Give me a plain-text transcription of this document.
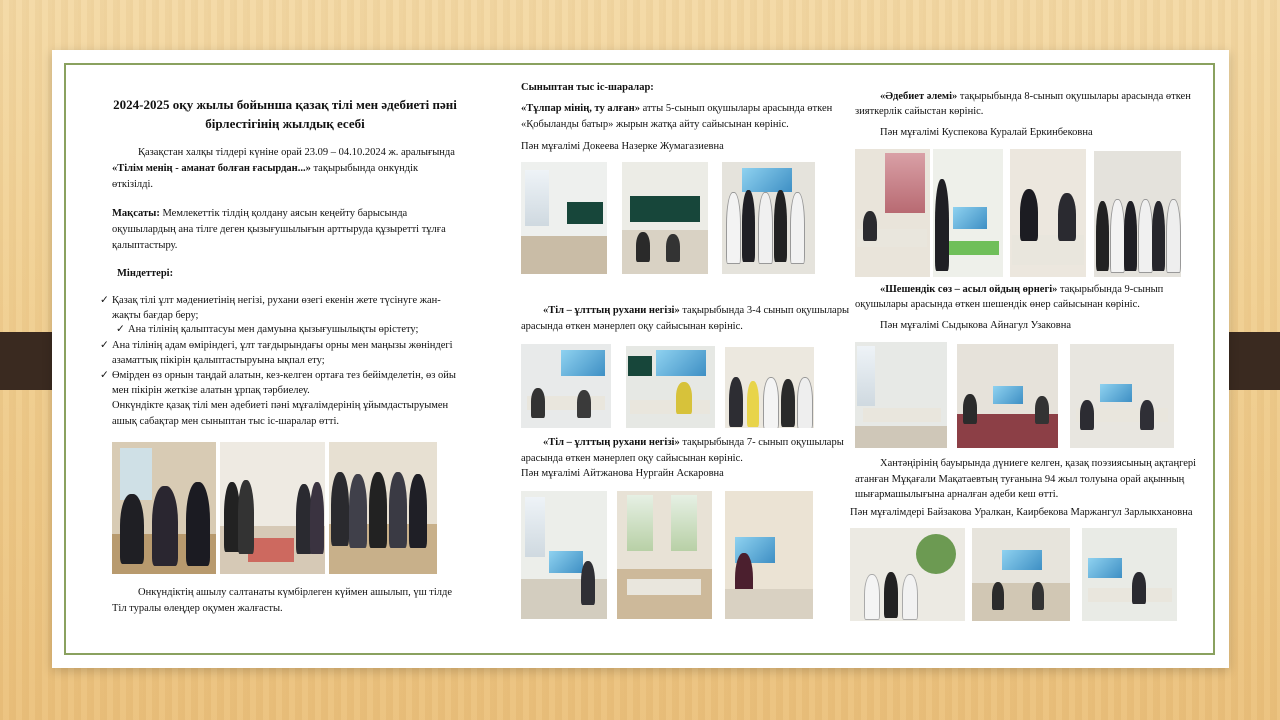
2024-2025 оқу жылы бойынша қазақ тілі мен әдебиеті пәні
бірлестігінің жылдық есебі
Қазақстан халқы тілдері күніне орай 23.09 – 04.10.2024 ж. аралығында
«Тілім менің - аманат болған ғасырдан...» тақырыбында онкүндік
өткізілді.
Мақсаты: Мемлекеттік тілдің қолдану аясын кеңейту барысында
оқушылардың ана тілге деген қызығушылығын арттыруда құзыретті тұлға
қалыптастыру.
Міндеттері:
✓ Қазақ тілі ұлт мәдениетінің негізі, рухани өзегі екенін жете түсінуге жан-
жақты бағдар беру;
✓ Ана тілінің қалыптасуы мен дамуына қызығушылықты өрістету;
✓ Ана тілінің адам өміріндегі, ұлт тағдырындағы орны мен маңызы жөніндегі
азаматтық пікірін қалыптастыруына ықпал ету;
✓ Өмірден өз орнын таңдай алатын, кез-келген ортаға тез бейімделетін, өз ойы
мен пікірін жеткізе алатын ұрпақ тәрбиелеу.
Онкүндікте қазақ тілі мен әдебиеті пәні мұғалімдерінің ұйымдастыруымен
ашық сабақтар мен сыныптан тыс іс-шаралар өтті.
Онкүндіктің ашылу салтанаты күмбірлеген күймен ашылып, үш тілде
Тіл туралы өлеңдер оқумен жалғасты.
Сыныптан тыс іс-шаралар:
«Тұлпар мінің, ту алған» атты 5-сынып оқушылары арасында өткен
«Қобыланды батыр» жырын жатқа айту сайысынан көрініс.
Пән мұғалімі Докеева Назерке Жумагазиевна
«Тіл – ұлттың рухани негізі» тақырыбында 3-4 сынып оқушылары
арасында өткен мәнерлеп оқу сайысынан көрініс.
«Тіл – ұлттың рухани негізі» тақырыбында 7- сынып оқушылары
арасында өткен мәнерлеп оқу сайысынан көрініс.
Пән мұғалімі Айтжанова Нургайн Аскаровна
«Әдебиет әлемі» тақырыбында 8-сынып оқушылары арасында өткен
зияткерлік сайыстан көрініс.
Пән мұғалімі Куспекова Куралай Еркинбековна
«Шешендік сөз – асыл ойдың өрнегі» тақырыбында 9-сынып
оқушылары арасында өткен шешендік өнер сайысынан көрініс.
Пән мұғалімі Сыдыкова Айнагул Узаковна
Хантәңірінің бауырында дүниеге келген, қазақ поэзиясының ақтаңгері
атанған Мұқағали Мақатаевтың туғанына 94 жыл толуына орай ақынның
шығармашылығына арналған әдеби кеш өтті.
Пән мұғалімдері Байзакова Уралкан, Каирбекова Маржангул Зарлыкхановна
